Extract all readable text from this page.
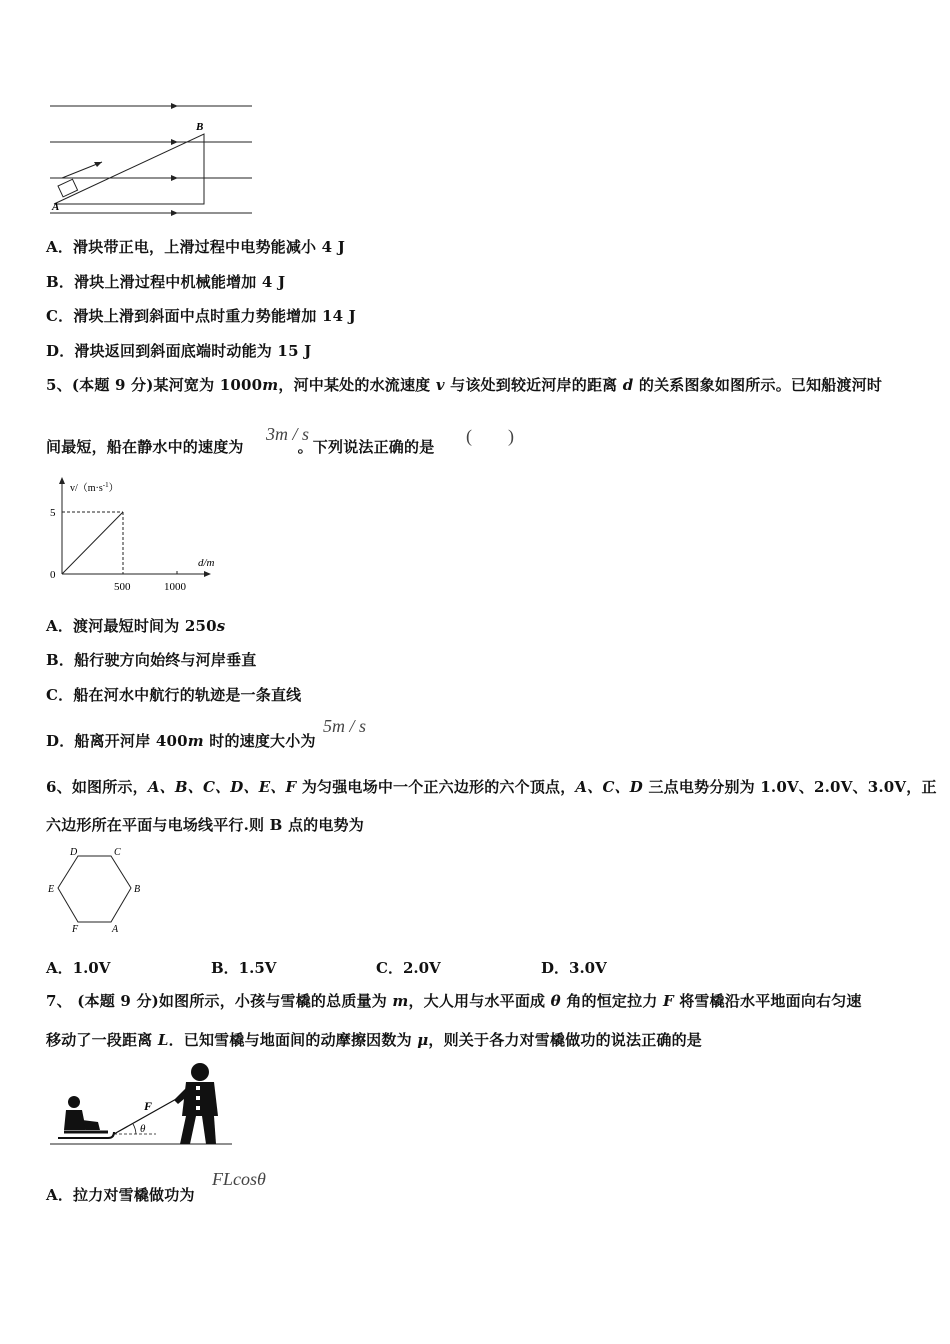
A
B
A．滑块带正电，上滑过程中电势能减小 4 J
B．滑块上滑过程中机械能增加 4 J
C．滑块上滑到斜面中点时重力势能增加 14 J
D．滑块返回到斜面底端时动能为 15 J
5、(本题 9 分)某河宽为 1000m，河中某处的水流速度 v 与该处到较近河岸的距离 d 的关系图象如图所示。已知船渡河时
间最短，船在静水中的速度为	。下列说法正确的是
3m / s	(　　)
$v/(m\cdot s^{-1})$
d/m
5
0
500	1000
A．渡河最短时间为 250s
B．船行驶方向始终与河岸垂直
C．船在河水中航行的轨迹是一条直线
D．船离开河岸 400m 时的速度大小为
5m / s
6、如图所示，A、B、C、D、E、F 为匀强电场中一个正六边形的六个顶点，A、C、D 三点电势分别为 1.0V、2.0V、3.0V，正
六边形所在平面与电场线平行.则 B 点的电势为
D	C
E	B
F	A
A．1.0V	B．1.5V	C．2.0V	D．3.0V
7、 (本题 9 分)如图所示，小孩与雪橇的总质量为 m，大人用与水平面成 θ 角的恒定拉力 F 将雪橇沿水平地面向右匀速
移动了一段距离 L．已知雪橇与地面间的动摩擦因数为 μ，则关于各力对雪橇做功的说法正确的是
F
θ
A．拉力对雪橇做功为
FLcosθ
